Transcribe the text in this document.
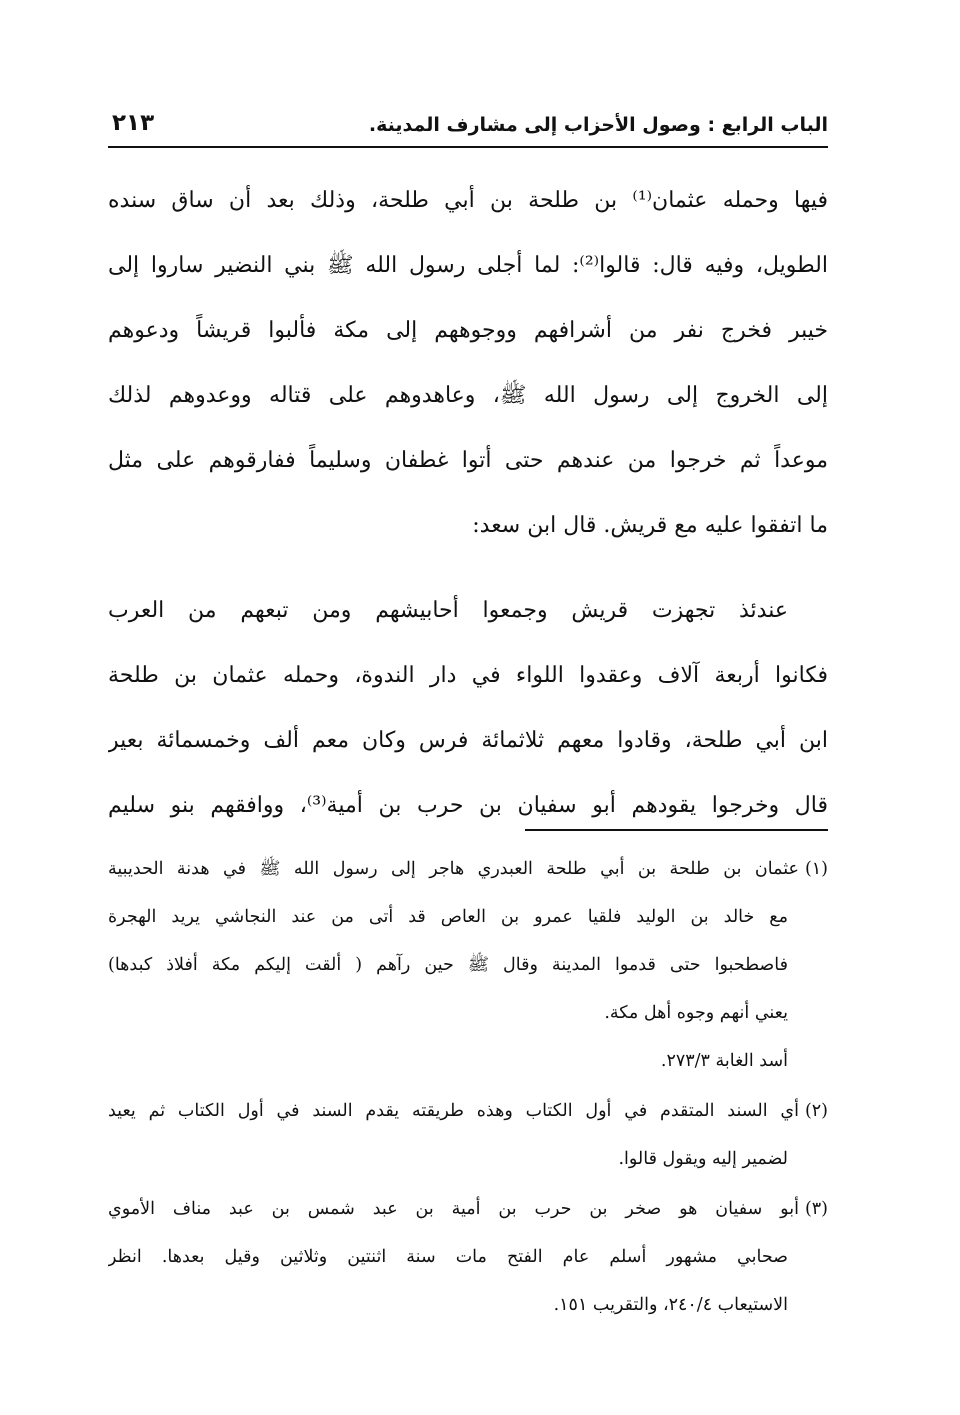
الباب الرابع : وصول الأحزاب إلى مشارف المدينة.
٢١٣
فيها وحمله عثمان⁽¹⁾ بن طلحة بن أبي طلحة، وذلك بعد أن ساق سنده
الطويل، وفيه قال: قالوا⁽²⁾: لما أجلى رسول الله ﷺ بني النضير ساروا إلى
خيبر فخرج نفر من أشرافهم ووجوههم إلى مكة فألبوا قريشاً ودعوهم
إلى الخروج إلى رسول الله ﷺ، وعاهدوهم على قتاله ووعدوهم لذلك
موعداً ثم خرجوا من عندهم حتى أتوا غطفان وسليماً ففارقوهم على مثل
ما اتفقوا عليه مع قريش. قال ابن سعد:
عندئذ تجهزت قريش وجمعوا أحابيشهم ومن تبعهم من العرب
فكانوا أربعة آلاف وعقدوا اللواء في دار الندوة، وحمله عثمان بن طلحة
ابن أبي طلحة، وقادوا معهم ثلاثمائة فرس وكان معم ألف وخمسمائة بعير
قال وخرجوا يقودهم أبو سفيان بن حرب بن أمية⁽³⁾، ووافقهم بنو سليم
(١)عثمان بن طلحة بن أبي طلحة العبدري هاجر إلى رسول الله ﷺ في هدنة الحديبية
مع خالد بن الوليد فلقيا عمرو بن العاص قد أتى من عند النجاشي يريد الهجرة
فاصطحبوا حتى قدموا المدينة وقال ﷺ حين رآهم ( ألقت إليكم مكة أفلاذ كبدها)
يعني أنهم وجوه أهل مكة.
أسد الغابة ٢٧٣/٣.
(٢)أي السند المتقدم في أول الكتاب وهذه طريقته يقدم السند في أول الكتاب ثم يعيد
لضمير إليه ويقول قالوا.
(٣)أبو سفيان هو صخر بن حرب بن أمية بن عبد شمس بن عبد مناف الأموي
صحابي مشهور أسلم عام الفتح مات سنة اثنتين وثلاثين وقيل بعدها. انظر
الاستيعاب ٢٤٠/٤، والتقريب ١٥١.
